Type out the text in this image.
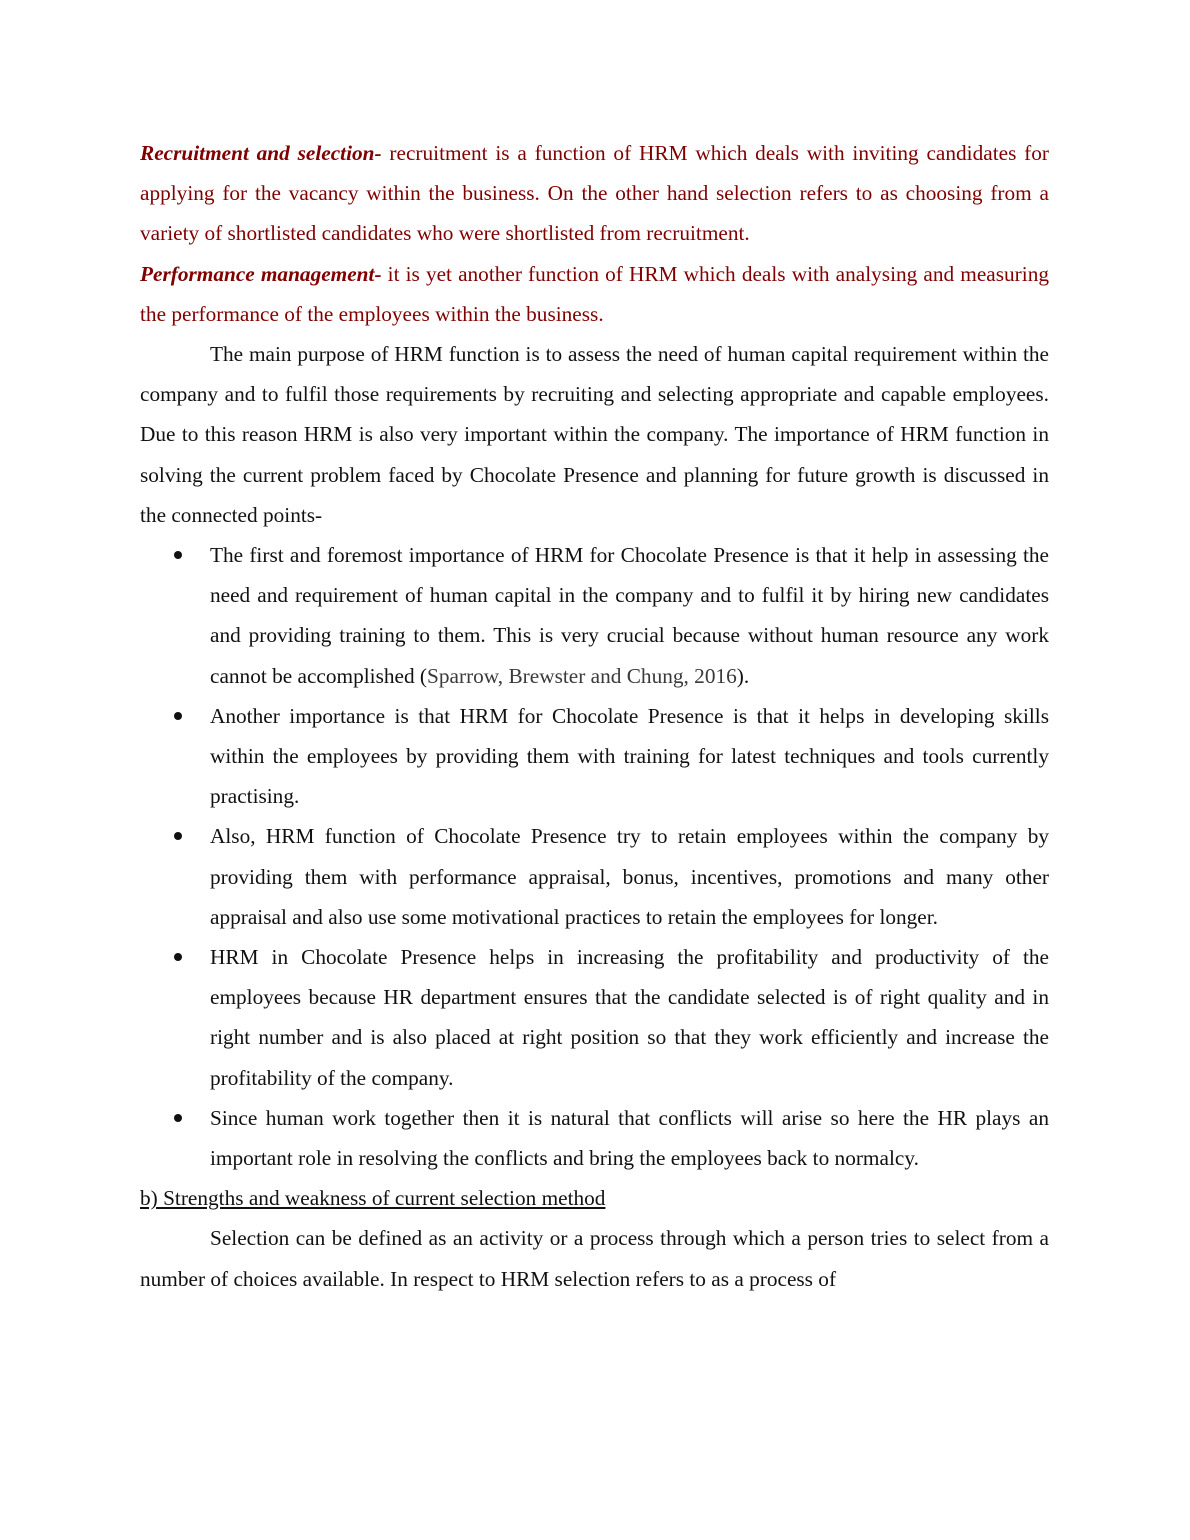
Recruitment and selection- recruitment is a function of HRM which deals with inviting candidates for applying for the vacancy within the business. On the other hand selection refers to as choosing from a variety of shortlisted candidates who were shortlisted from recruitment.

Performance management- it is yet another function of HRM which deals with analysing and measuring the performance of the employees within the business.

The main purpose of HRM function is to assess the need of human capital requirement within the company and to fulfil those requirements by recruiting and selecting appropriate and capable employees. Due to this reason HRM is also very important within the company. The importance of HRM function in solving the current problem faced by Chocolate Presence and planning for future growth is discussed in the connected points-

The first and foremost importance of HRM for Chocolate Presence is that it help in assessing the need and requirement of human capital in the company and to fulfil it by hiring new candidates and providing training to them. This is very crucial because without human resource any work cannot be accomplished (Sparrow, Brewster and Chung, 2016).
Another importance is that HRM for Chocolate Presence is that it helps in developing skills within the employees by providing them with training for latest techniques and tools currently practising.
Also, HRM function of Chocolate Presence try to retain employees within the company by providing them with performance appraisal, bonus, incentives, promotions and many other appraisal and also use some motivational practices to retain the employees for longer.
HRM in Chocolate Presence helps in increasing the profitability and productivity of the employees because HR department ensures that the candidate selected is of right quality and in right number and is also placed at right position so that they work efficiently and increase the profitability of the company.
Since human work together then it is natural that conflicts will arise so here the HR plays an important role in resolving the conflicts and bring the employees back to normalcy.

b) Strengths and weakness of current selection method

Selection can be defined as an activity or a process through which a person tries to select from a number of choices available. In respect to HRM selection refers to as a process of
